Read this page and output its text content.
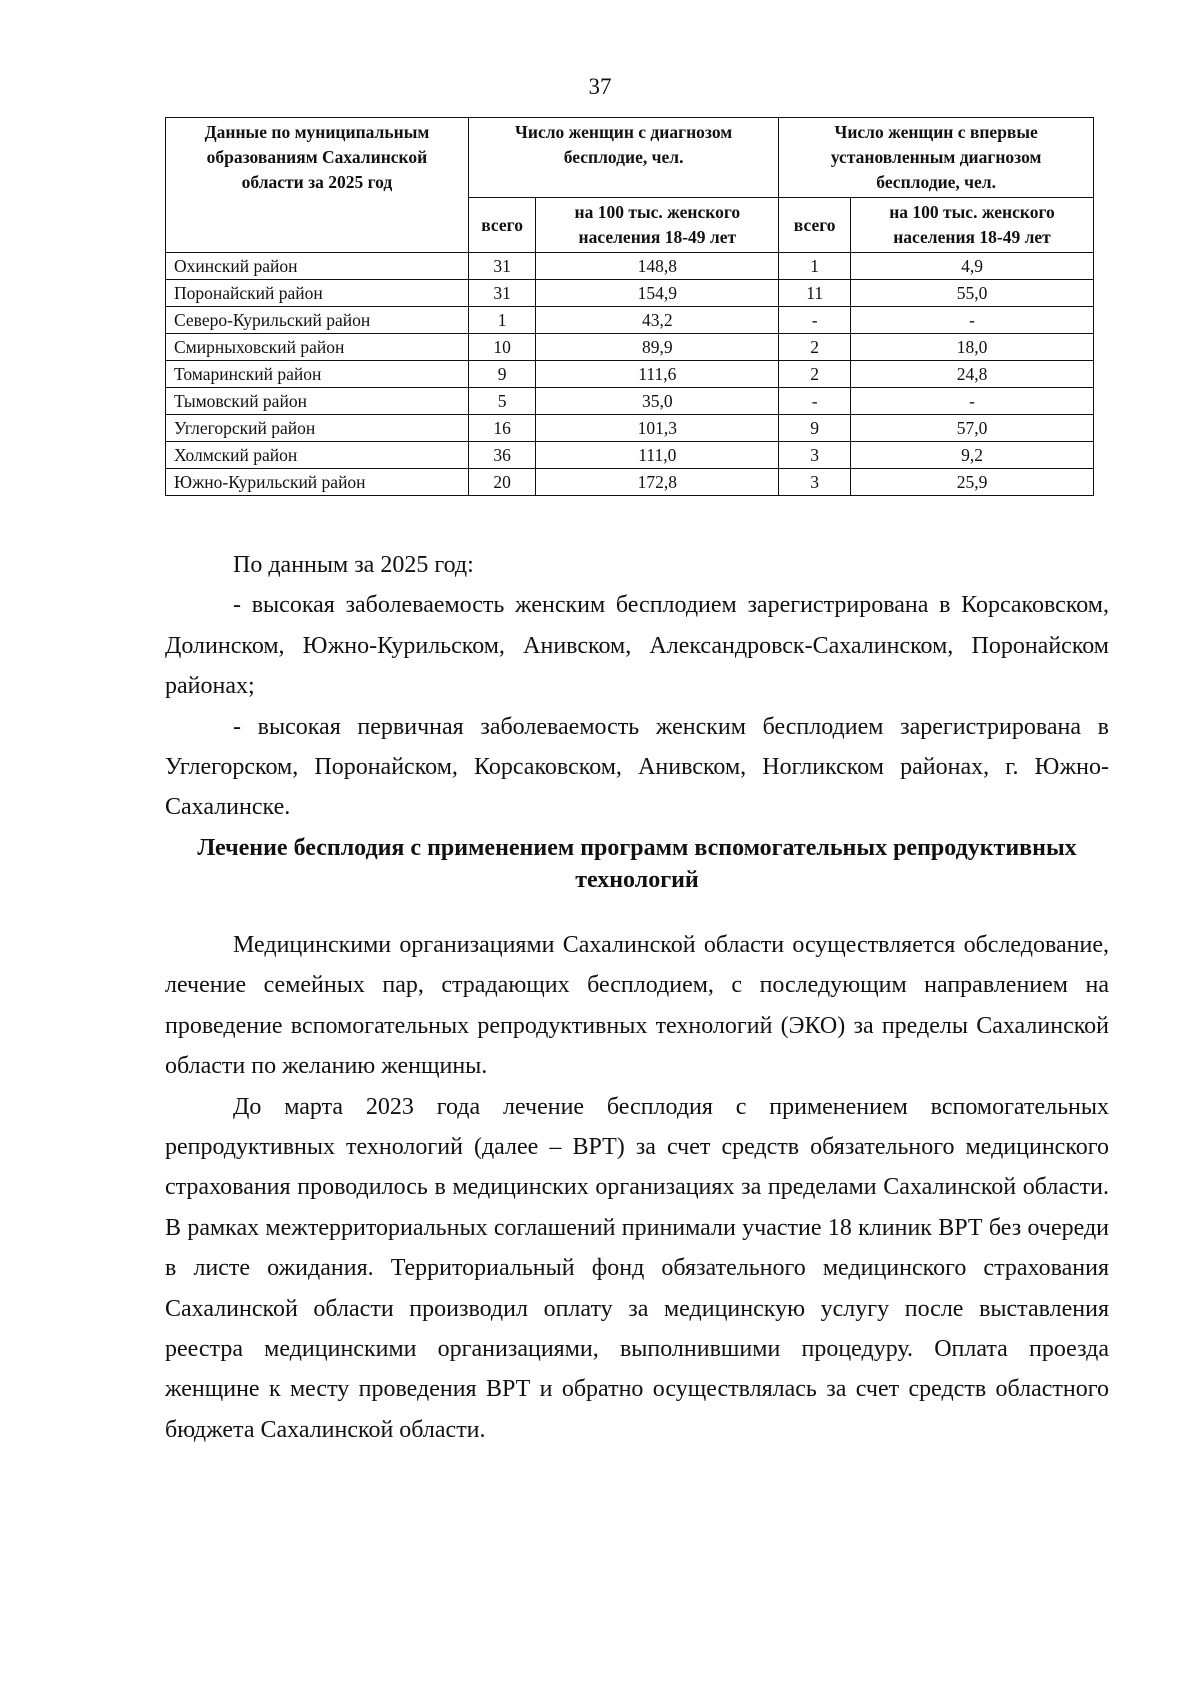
37
Данные по муниципальным образованиям Сахалинской области за 2025 год	Число женщин с диагнозом бесплодие, чел.		Число женщин с впервые установленным диагнозом бесплодие, чел.	
	всего	на 100 тыс. женского населения 18-49 лет	всего	на 100 тыс. женского населения 18-49 лет
Охинский район	31	148,8	1	4,9
Поронайский район	31	154,9	11	55,0
Северо-Курильский район	1	43,2	-	-
Смирныховский район	10	89,9	2	18,0
Томаринский район	9	111,6	2	24,8
Тымовский район	5	35,0	-	-
Углегорский район	16	101,3	9	57,0
Холмский район	36	111,0	3	9,2
Южно-Курильский район	20	172,8	3	25,9

По данным за 2025 год:

- высокая заболеваемость женским бесплодием зарегистрирована в Корсаковском, Долинском, Южно-Курильском, Анивском, Александровск-Сахалинском, Поронайском районах;

- высокая первичная заболеваемость женским бесплодием зарегистрирована в Углегорском, Поронайском, Корсаковском, Анивском, Ногликском районах, г. Южно-Сахалинске.

Лечение бесплодия с применением программ вспомогательных репродуктивных технологий

Медицинскими организациями Сахалинской области осуществляется обследование, лечение семейных пар, страдающих бесплодием, с последующим направлением на проведение вспомогательных репродуктивных технологий (ЭКО) за пределы Сахалинской области по желанию женщины.

До марта 2023 года лечение бесплодия с применением вспомогательных репродуктивных технологий (далее – ВРТ) за счет средств обязательного медицинского страхования проводилось в медицинских организациях за пределами Сахалинской области. В рамках межтерриториальных соглашений принимали участие 18 клиник ВРТ без очереди в листе ожидания. Территориальный фонд обязательного медицинского страхования Сахалинской области производил оплату за медицинскую услугу после выставления реестра медицинскими организациями, выполнившими процедуру. Оплата проезда женщине к месту проведения ВРТ и обратно осуществлялась за счет средств областного бюджета Сахалинской области.
